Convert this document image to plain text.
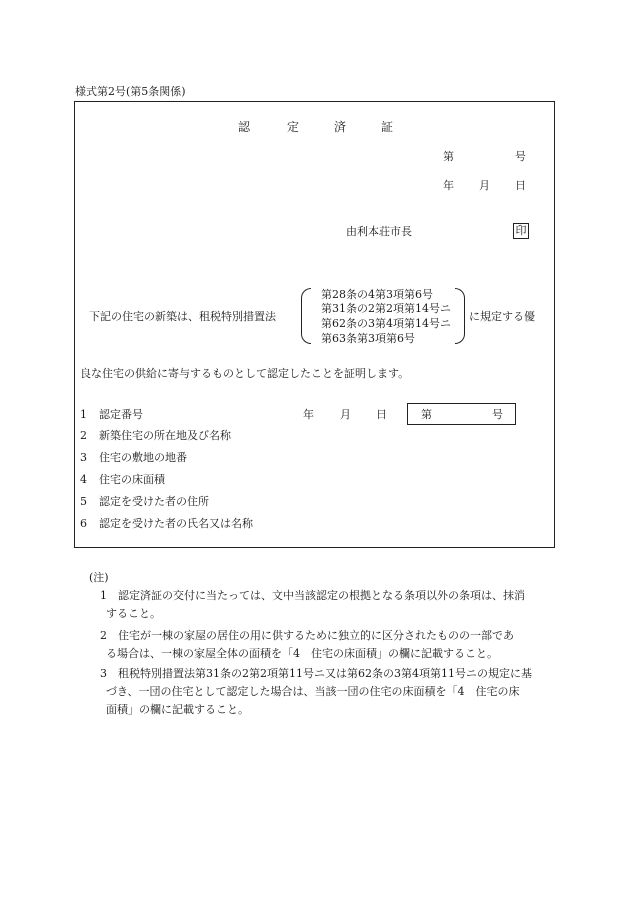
様式第2号(第5条関係)
認	定	済	証
第	号
年 月 日
由利本荘市長	印
下記の住宅の新築は、租税特別措置法
第28条の4第3項第6号
第31条の2第2項第14号ニ
第62条の3第4項第14号ニ
第63条第3項第6号
に規定する優
良な住宅の供給に寄与するものとして認定したことを証明します。
1 認定番号	年 月 日	第	号
2 新築住宅の所在地及び名称
3 住宅の敷地の地番
4 住宅の床面積
5 認定を受けた者の住所
6 認定を受けた者の氏名又は名称
(注)
1 認定済証の交付に当たっては、文中当該認定の根拠となる条項以外の条項は、抹消
すること。
2 住宅が一棟の家屋の居住の用に供するために独立的に区分されたものの一部であ
る場合は、一棟の家屋全体の面積を「4　住宅の床面積」の欄に記載すること。
3 租税特別措置法第31条の2第2項第11号ニ又は第62条の3第4項第11号ニの規定に基
づき、一団の住宅として認定した場合は、当該一団の住宅の床面積を「4　住宅の床
面積」の欄に記載すること。
